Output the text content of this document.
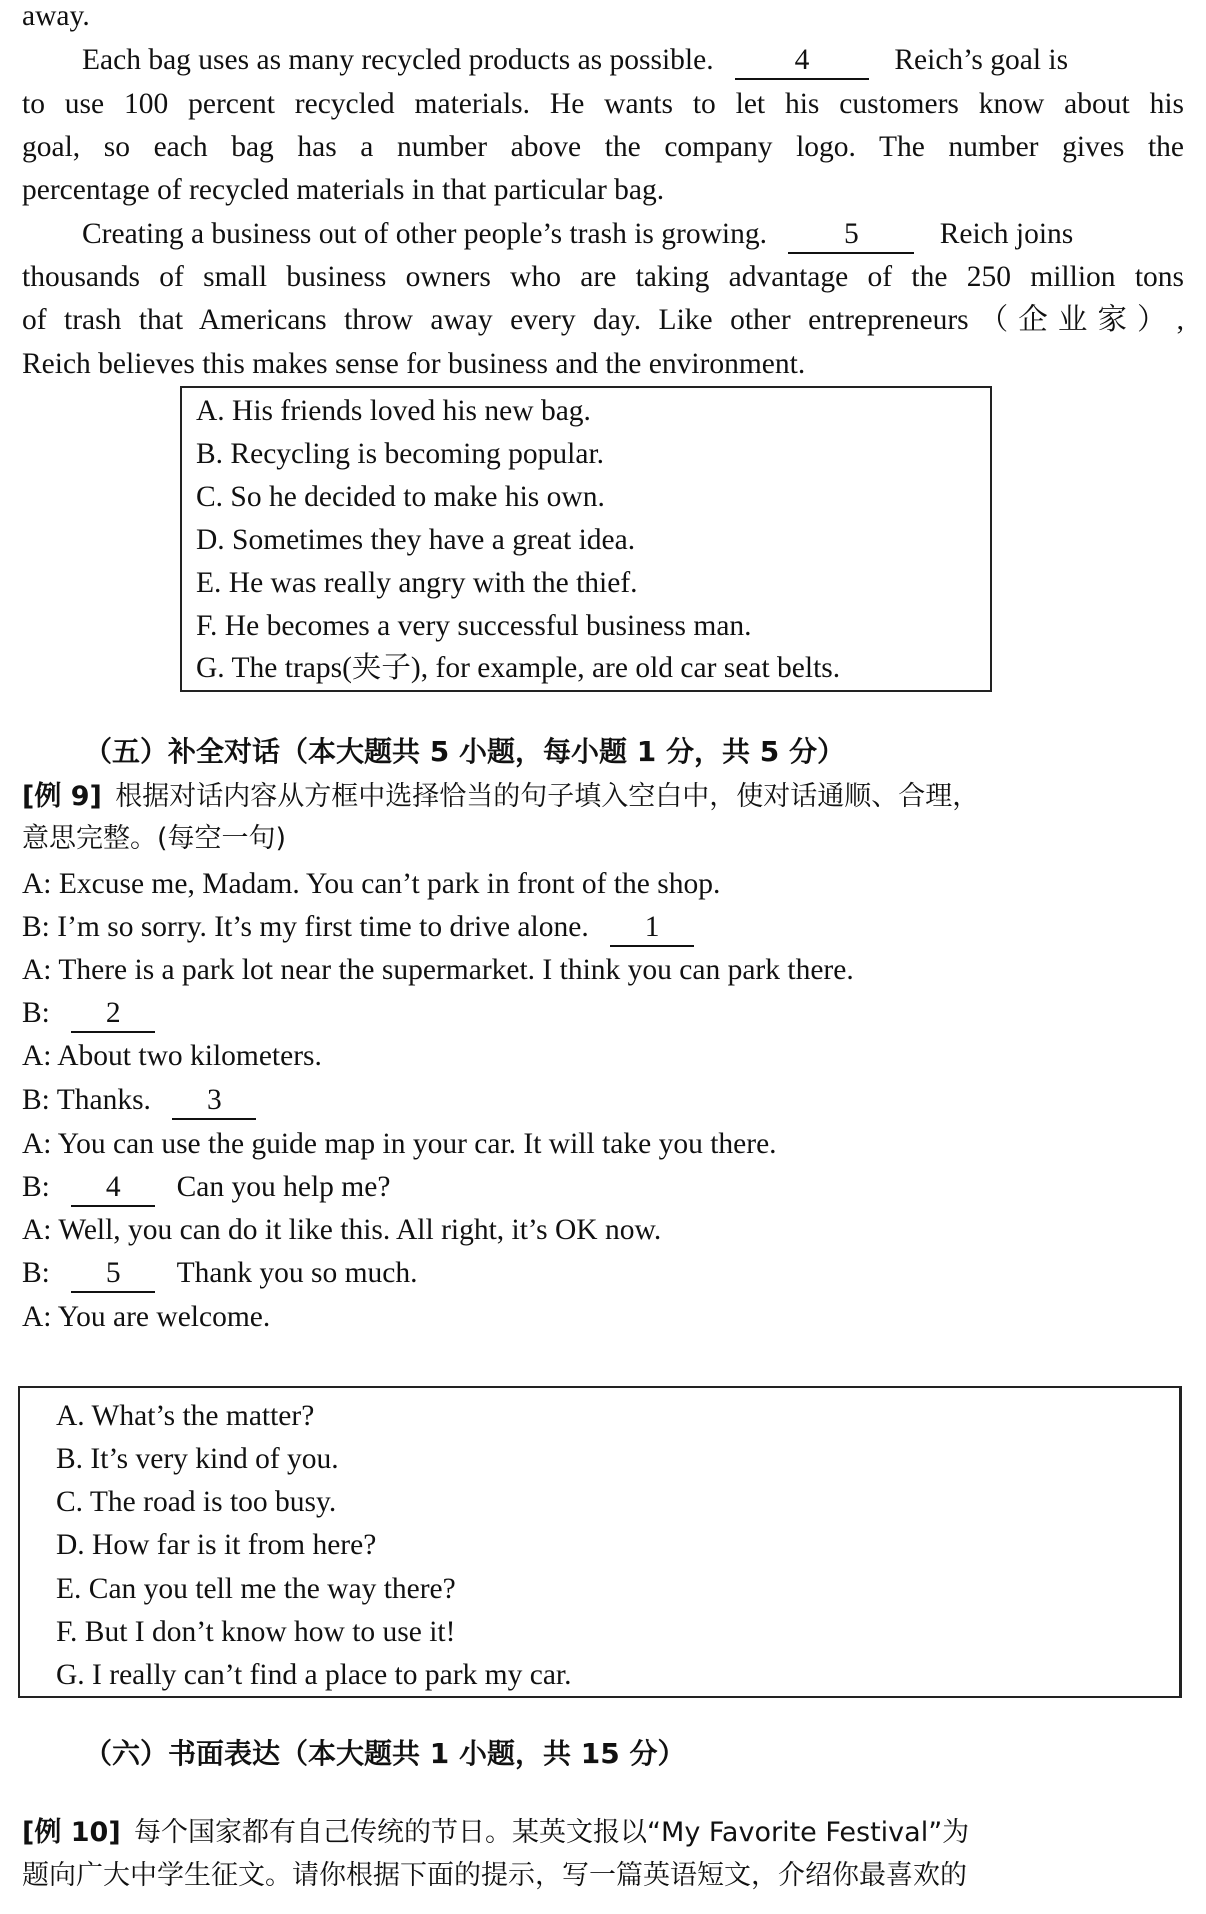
away.
Each bag uses as many recycled products as possible.	4	Reich’s goal is
to use 100 percent recycled materials. He wants to let his customers know about his
goal, so each bag has a number above the company logo. The number gives the
percentage of recycled materials in that particular bag.
Creating a business out of other people’s trash is growing.	5	Reich joins
thousands of small business owners who are taking advantage of the 250 million tons
of trash that Americans throw away every day. Like other entrepreneurs（企业家）,
Reich believes this makes sense for business and the environment.
A. His friends loved his new bag.
B. Recycling is becoming popular.
C. So he decided to make his own.
D. Sometimes they have a great idea.
E. He was really angry with the thief.
F. He becomes a very successful business man.
G. The traps(夹子), for example, are old car seat belts.
（五）补全对话（本大题共 5 小题，每小题 1 分，共 5 分）
[例 9] 根据对话内容从方框中选择恰当的句子填入空白中，使对话通顺、合理，
意思完整。(每空一句)
A: Excuse me, Madam. You can’t park in front of the shop.
B: I’m so sorry. It’s my first time to drive alone. 1
A: There is a park lot near the supermarket. I think you can park there.
B: 2
A: About two kilometers.
B: Thanks. 3
A: You can use the guide map in your car. It will take you there.
B: 4 Can you help me?
A: Well, you can do it like this. All right, it’s OK now.
B: 5 Thank you so much.
A: You are welcome.
A. What’s the matter?
B. It’s very kind of you.
C. The road is too busy.
D. How far is it from here?
E. Can you tell me the way there?
F. But I don’t know how to use it!
G. I really can’t find a place to park my car.
（六）书面表达（本大题共 1 小题，共 15 分）
[例 10] 每个国家都有自己传统的节日。某英文报以“My Favorite Festival”为
题向广大中学生征文。请你根据下面的提示，写一篇英语短文，介绍你最喜欢的
